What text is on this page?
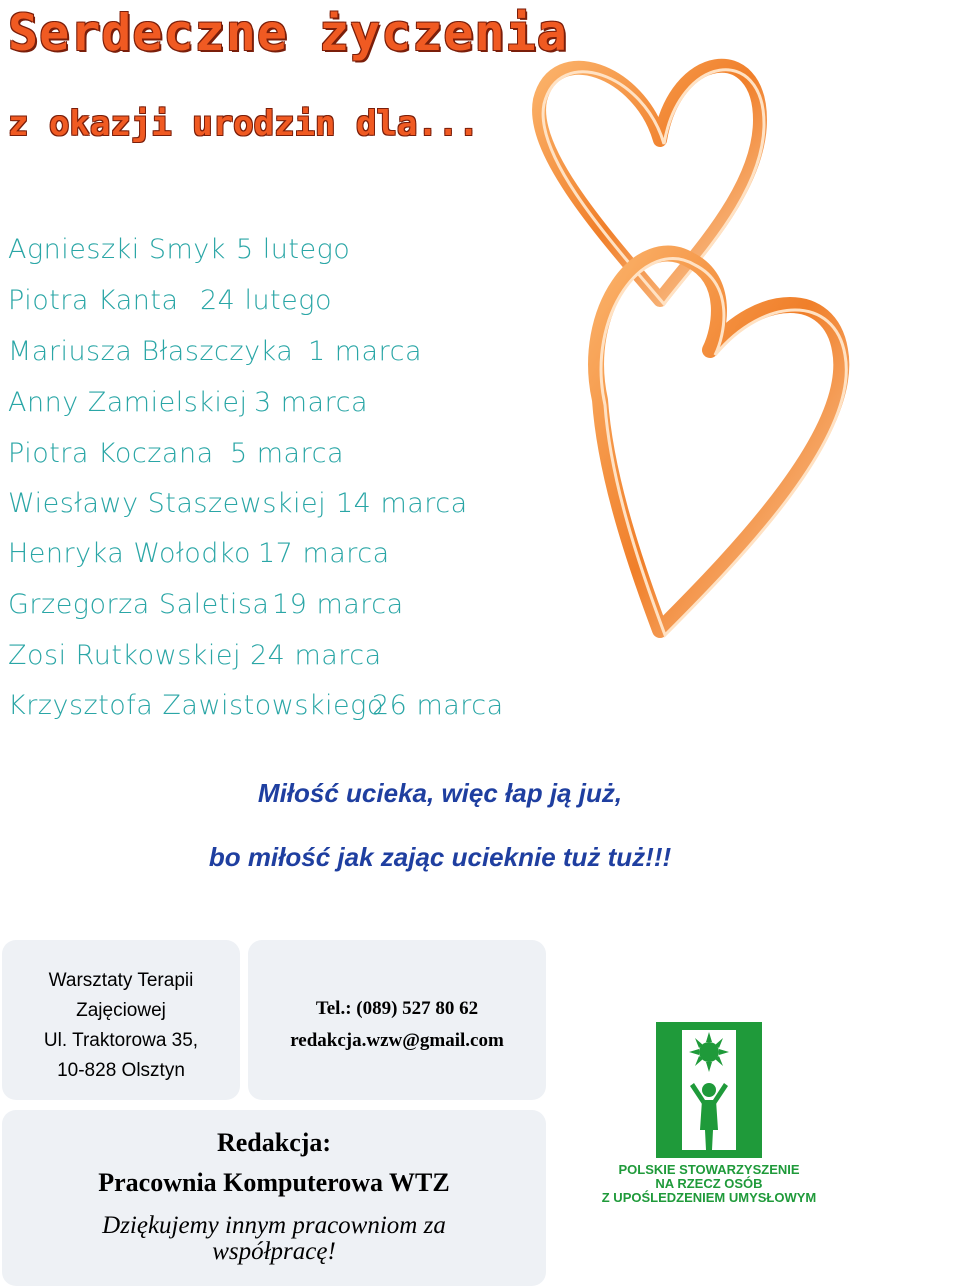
Serdeczne życzenia
z okazji urodzin dla...
Agnieszki Smyk 5 lutego
Piotra Kanta 24 lutego
Mariusza Błaszczyka 1 marca
Anny Zamielskiej 3 marca
Piotra Koczana 5 marca
Wiesławy Staszewskiej 14 marca
Henryka Wołodko 17 marca
Grzegorza Saletisa 19 marca
Zosi Rutkowskiej 24 marca
Krzysztofa Zawistowskiego
26 marca
Miłość ucieka, więc łap ją już,
bo miłość jak zając ucieknie tuż tuż!!!
Warsztaty Terapii
Zajęciowej
Ul. Traktorowa 35,
10-828 Olsztyn
Tel.: (089) 527 80 62
redakcja.wzw@gmail.com
Redakcja:
Pracownia Komputerowa WTZ
Dziękujemy innym pracowniom za
współpracę!
POLSKIE STOWARZYSZENIE
NA RZECZ OSÓB
Z UPOŚLEDZENIEM UMYSŁOWYM
